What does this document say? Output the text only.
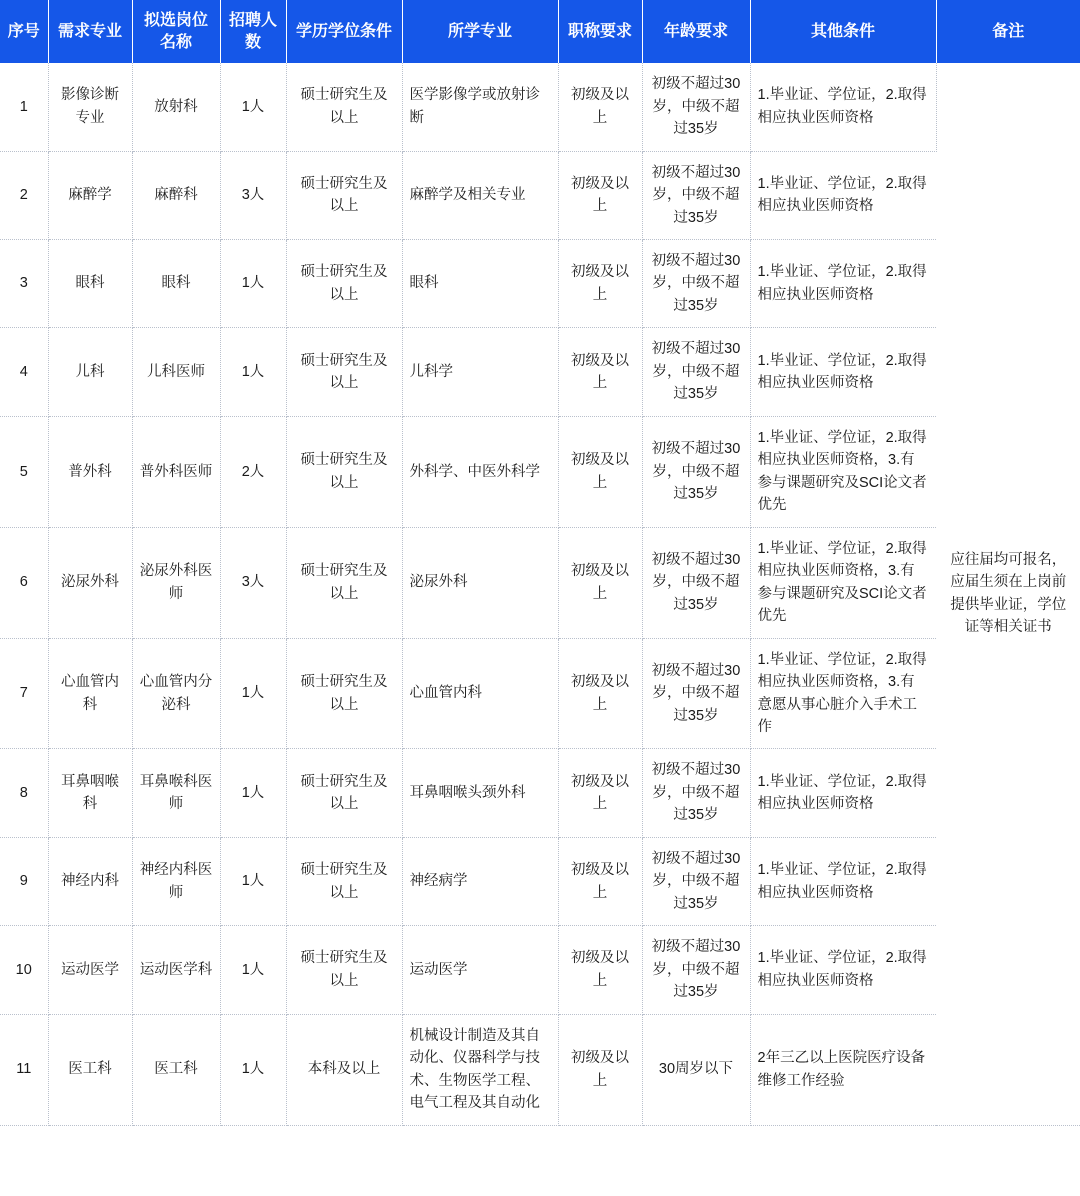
序号	需求专业	拟选岗位名称	招聘人数	学历学位条件	所学专业	职称要求	年龄要求	其他条件	备注
1	影像诊断专业	放射科	1人	硕士研究生及以上	医学影像学或放射诊断	初级及以上	初级不超过30岁，中级不超过35岁	1.毕业证、学位证，2.取得相应执业医师资格	应往届均可报名，应届生须在上岗前提供毕业证，学位证等相关证书
2	麻醉学	麻醉科	3人	硕士研究生及以上	麻醉学及相关专业	初级及以上	初级不超过30岁，中级不超过35岁	1.毕业证、学位证，2.取得相应执业医师资格	
3	眼科	眼科	1人	硕士研究生及以上	眼科	初级及以上	初级不超过30岁，中级不超过35岁	1.毕业证、学位证，2.取得相应执业医师资格	
4	儿科	儿科医师	1人	硕士研究生及以上	儿科学	初级及以上	初级不超过30岁，中级不超过35岁	1.毕业证、学位证，2.取得相应执业医师资格	
5	普外科	普外科医师	2人	硕士研究生及以上	外科学、中医外科学	初级及以上	初级不超过30岁，中级不超过35岁	1.毕业证、学位证，2.取得相应执业医师资格，3.有参与课题研究及SCI论文者优先	
6	泌尿外科	泌尿外科医师	3人	硕士研究生及以上	泌尿外科	初级及以上	初级不超过30岁，中级不超过35岁	1.毕业证、学位证，2.取得相应执业医师资格，3.有参与课题研究及SCI论文者优先	
7	心血管内科	心血管内分泌科	1人	硕士研究生及以上	心血管内科	初级及以上	初级不超过30岁，中级不超过35岁	1.毕业证、学位证，2.取得相应执业医师资格，3.有意愿从事心脏介入手术工作	
8	耳鼻咽喉科	耳鼻喉科医师	1人	硕士研究生及以上	耳鼻咽喉头颈外科	初级及以上	初级不超过30岁，中级不超过35岁	1.毕业证、学位证，2.取得相应执业医师资格	
9	神经内科	神经内科医师	1人	硕士研究生及以上	神经病学	初级及以上	初级不超过30岁，中级不超过35岁	1.毕业证、学位证，2.取得相应执业医师资格	
10	运动医学	运动医学科	1人	硕士研究生及以上	运动医学	初级及以上	初级不超过30岁，中级不超过35岁	1.毕业证、学位证，2.取得相应执业医师资格	
11	医工科	医工科	1人	本科及以上	机械设计制造及其自动化、仪器科学与技术、生物医学工程、电气工程及其自动化	初级及以上	30周岁以下	2年三乙以上医院医疗设备维修工作经验	
